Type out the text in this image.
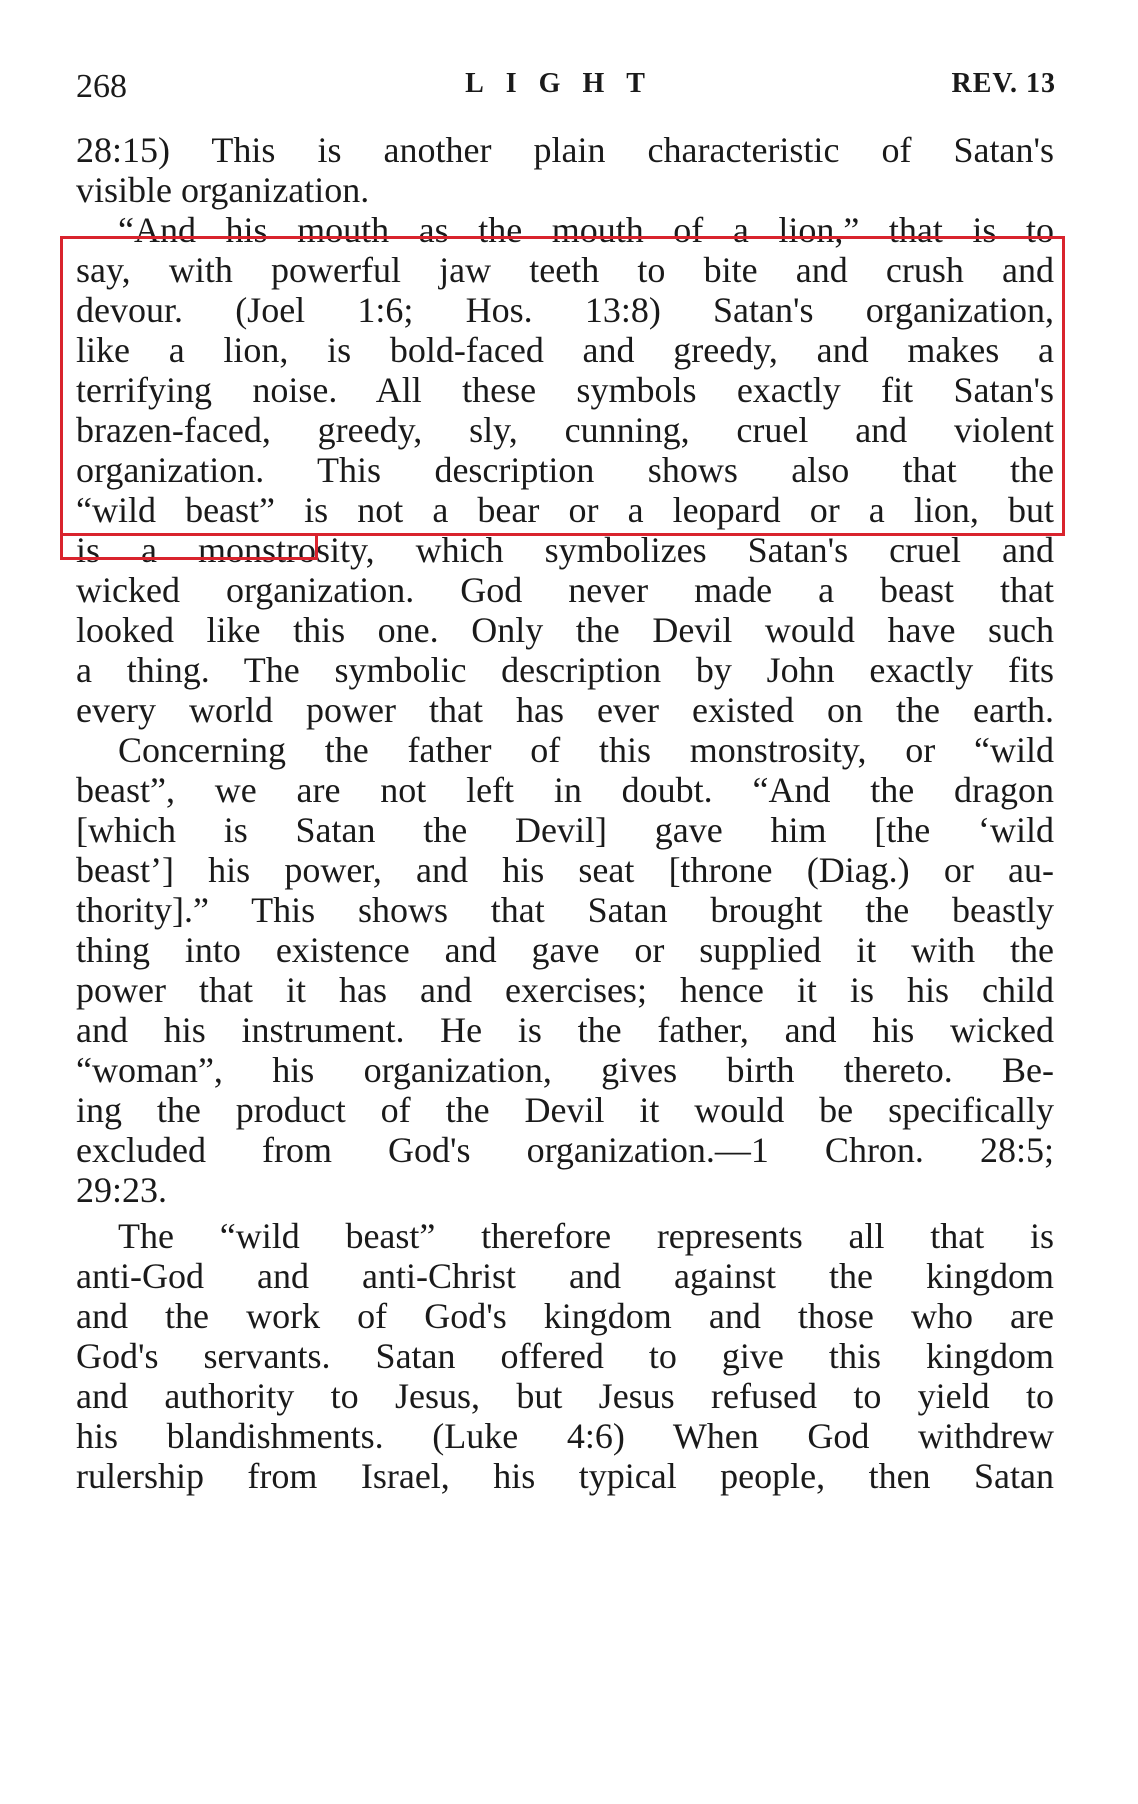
268	LIGHT	REV. 13
28:15) This is another plain characteristic of Satan's
visible organization.
“And his mouth as the mouth of a lion,” that is to
say, with powerful jaw teeth to bite and crush and
devour. (Joel 1:6; Hos. 13:8) Satan's organization,
like a lion, is bold-faced and greedy, and makes a
terrifying noise. All these symbols exactly fit Satan's
brazen-faced, greedy, sly, cunning, cruel and violent
organization. This description shows also that the
“wild beast” is not a bear or a leopard or a lion, but
is a monstrosity, which symbolizes Satan's cruel and
wicked organization. God never made a beast that
looked like this one. Only the Devil would have such
a thing. The symbolic description by John exactly fits
every world power that has ever existed on the earth.
Concerning the father of this monstrosity, or “wild
beast”, we are not left in doubt. “And the dragon
[which is Satan the Devil] gave him [the ‘wild
beast’] his power, and his seat [throne (Diag.) or au-
thority].” This shows that Satan brought the beastly
thing into existence and gave or supplied it with the
power that it has and exercises; hence it is his child
and his instrument. He is the father, and his wicked
“woman”, his organization, gives birth thereto. Be-
ing the product of the Devil it would be specifically
excluded from God's organization.—1 Chron. 28:5;
29:23.
The “wild beast” therefore represents all that is
anti-God and anti-Christ and against the kingdom
and the work of God's kingdom and those who are
God's servants. Satan offered to give this kingdom
and authority to Jesus, but Jesus refused to yield to
his blandishments. (Luke 4:6) When God withdrew
rulership from Israel, his typical people, then Satan
